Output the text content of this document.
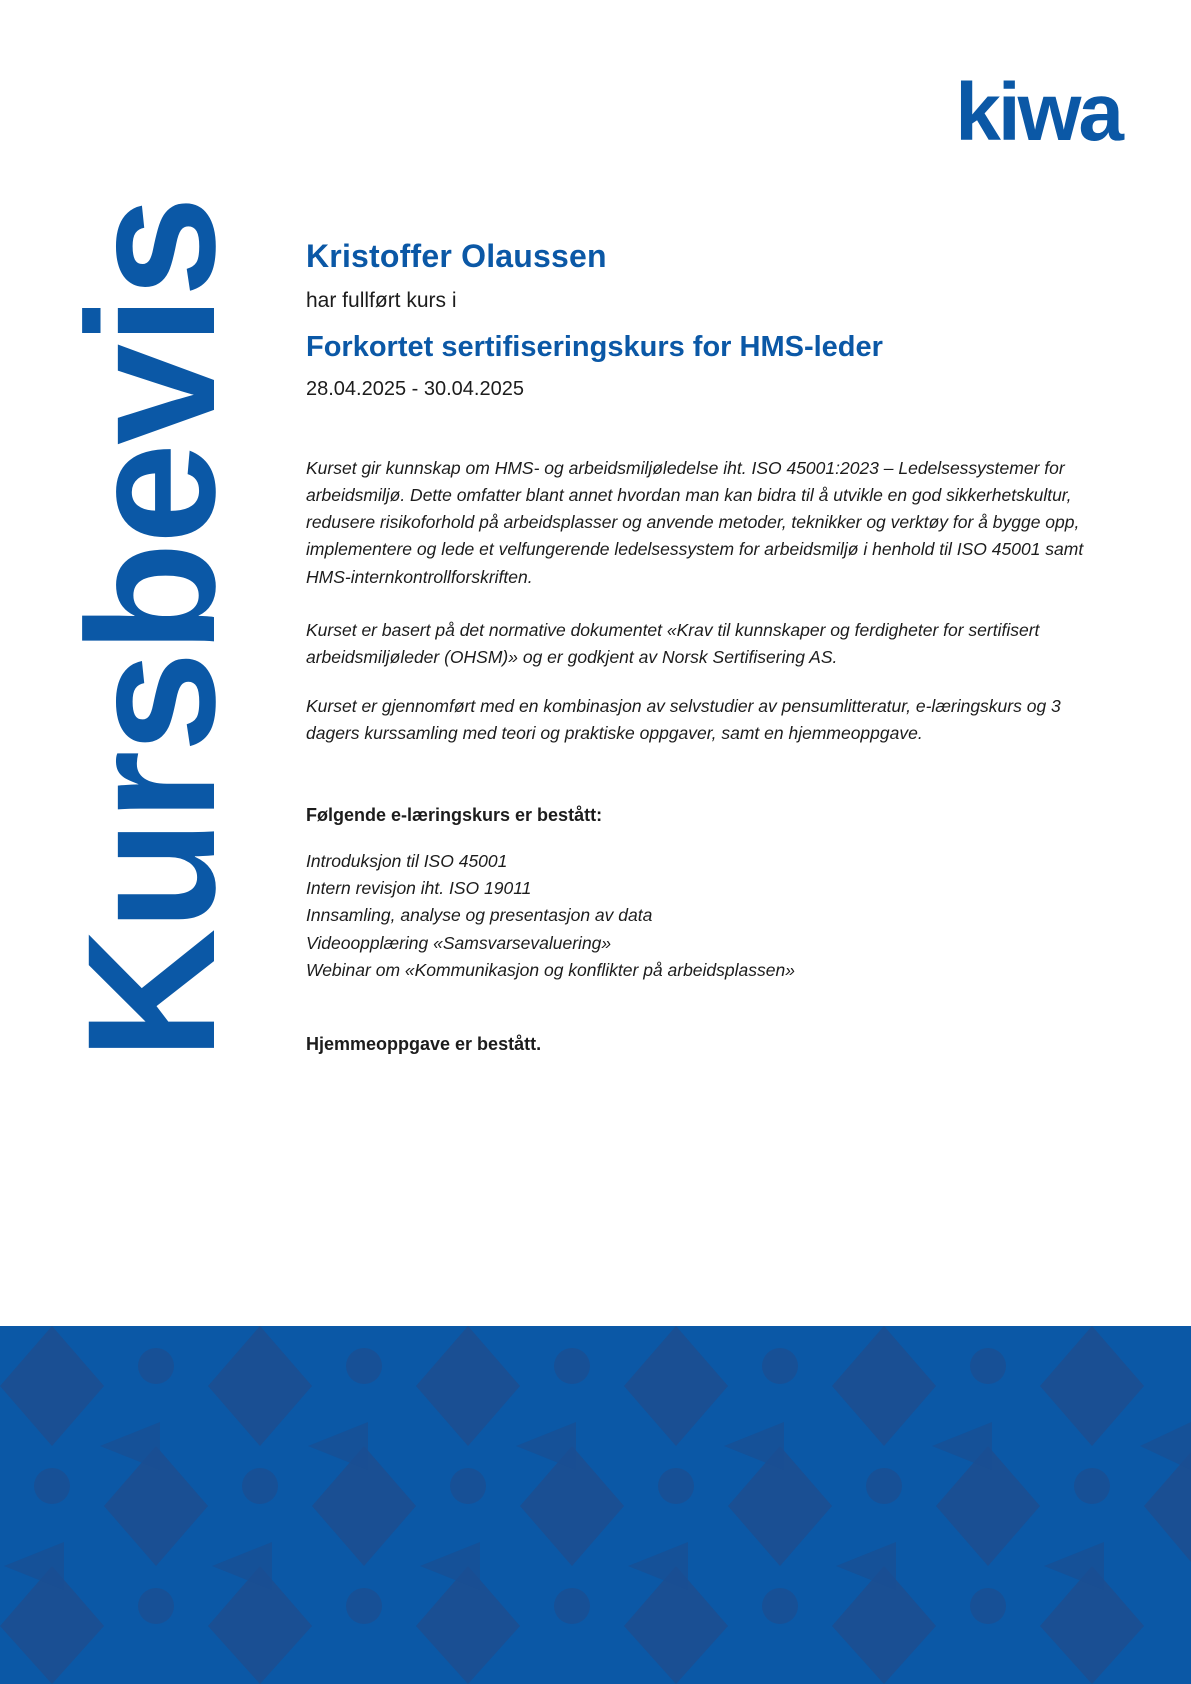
Kursbevis
kiwa
Kristoffer Olaussen
har fullført kurs i
Forkortet sertifiseringskurs for HMS-leder
28.04.2025 - 30.04.2025

Kurset gir kunnskap om HMS- og arbeidsmiljøledelse iht. ISO 45001:2023 – Ledelsessystemer for arbeidsmiljø. Dette omfatter blant annet hvordan man kan bidra til å utvikle en god sikkerhetskultur, redusere risikoforhold på arbeidsplasser og anvende metoder, teknikker og verktøy for å bygge opp, implementere og lede et velfungerende ledelsessystem for arbeidsmiljø i henhold til ISO 45001 samt HMS-internkontrollforskriften.

Kurset er basert på det normative dokumentet «Krav til kunnskaper og ferdigheter for sertifisert arbeidsmiljøleder (OHSM)» og er godkjent av Norsk Sertifisering AS.

Kurset er gjennomført med en kombinasjon av selvstudier av pensumlitteratur, e-læringskurs og 3 dagers kurssamling med teori og praktiske oppgaver, samt en hjemmeoppgave.

Følgende e-læringskurs er bestått:
Introduksjon til ISO 45001
Intern revisjon iht. ISO 19011
Innsamling, analyse og presentasjon av data
Videoopplæring «Samsvarsevaluering»
Webinar om «Kommunikasjon og konflikter på arbeidsplassen»
Hjemmeoppgave er bestått.
